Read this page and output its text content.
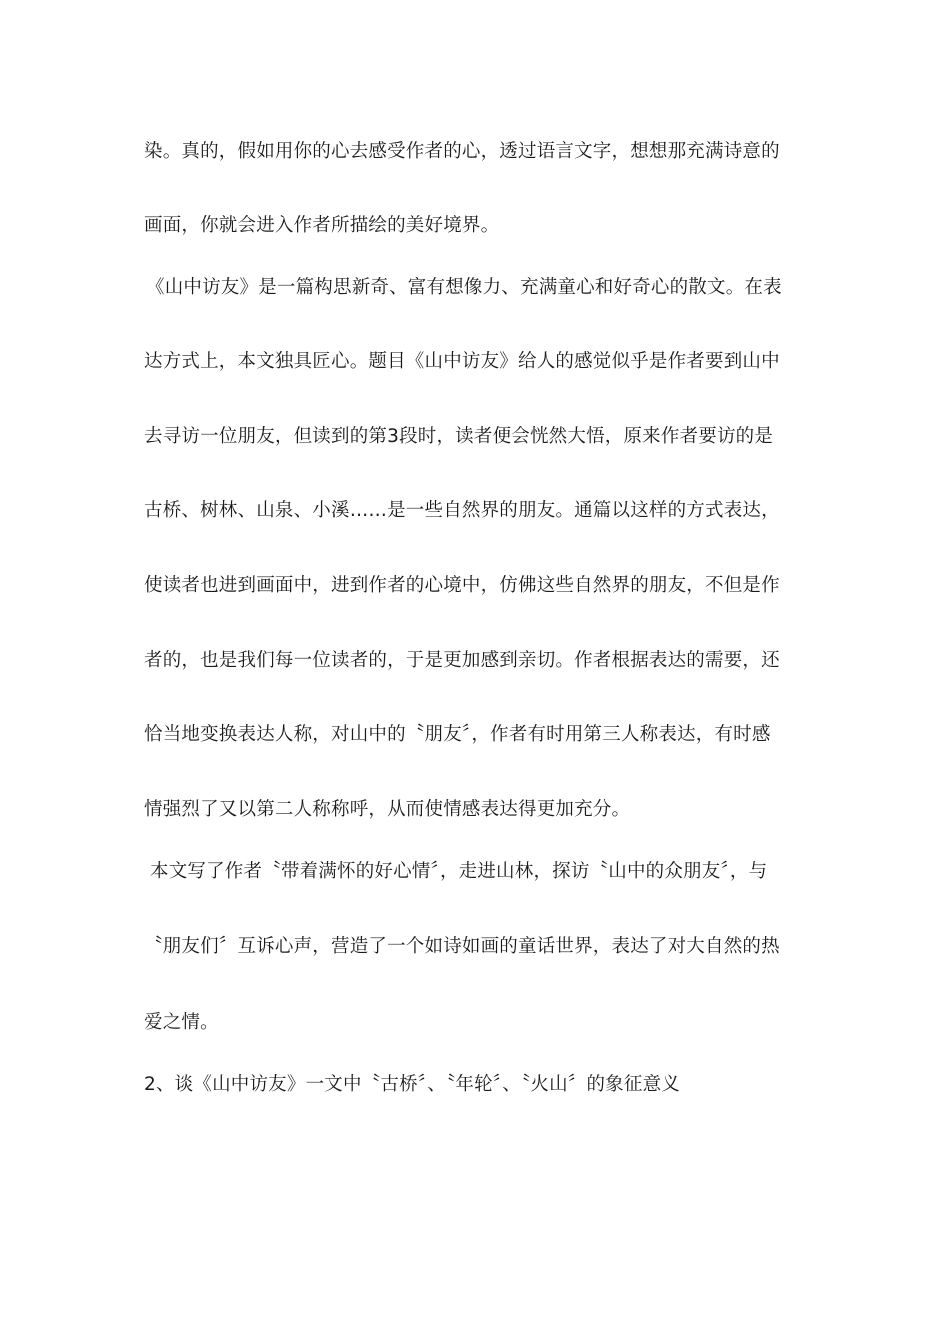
染。真的，假如用你的心去感受作者的心，透过语言文字，想想那充满诗意的
画面，你就会进入作者所描绘的美好境界。
《山中访友》是一篇构思新奇、富有想像力、充满童心和好奇心的散文。在表
达方式上，本文独具匠心。题目《山中访友》给人的感觉似乎是作者要到山中
去寻访一位朋友，但读到的第3段时，读者便会恍然大悟，原来作者要访的是
古桥、树林、山泉、小溪……是一些自然界的朋友。通篇以这样的方式表达，
使读者也进到画面中，进到作者的心境中，仿佛这些自然界的朋友，不但是作
者的，也是我们每一位读者的，于是更加感到亲切。作者根据表达的需要，还
恰当地变换表达人称，对山中的〝朋友〞，作者有时用第三人称表达，有时感
情强烈了又以第二人称称呼，从而使情感表达得更加充分。
本文写了作者〝带着满怀的好心情〞，走进山林，探访〝山中的众朋友〞，与
〝朋友们〞互诉心声，营造了一个如诗如画的童话世界，表达了对大自然的热
爱之情。
2、谈《山中访友》一文中〝古桥〞、〝年轮〞、〝火山〞的象征意义
